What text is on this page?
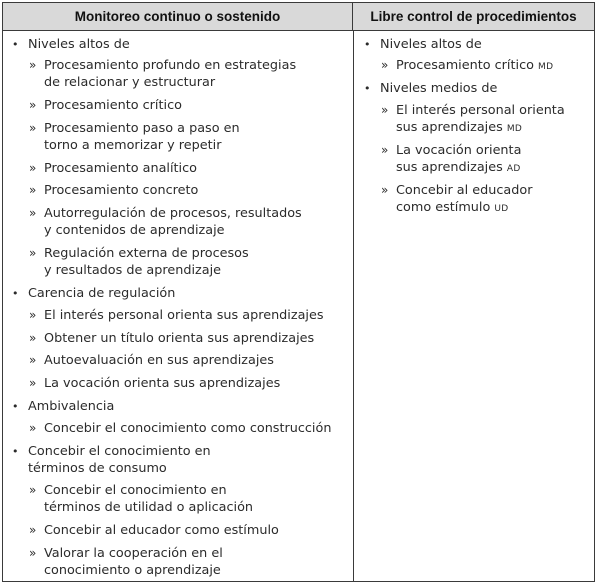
Monitoreo continuo o sostenido	Libre control de procedimientos
• Niveles altos de
» Procesamiento profundo en estrategias
de relacionar y estructurar
» Procesamiento crítico
» Procesamiento paso a paso en
torno a memorizar y repetir
» Procesamiento analítico
» Procesamiento concreto
» Autorregulación de procesos, resultados
y contenidos de aprendizaje
» Regulación externa de procesos
y resultados de aprendizaje
• Carencia de regulación
» El interés personal orienta sus aprendizajes
» Obtener un título orienta sus aprendizajes
» Autoevaluación en sus aprendizajes
» La vocación orienta sus aprendizajes
• Ambivalencia
» Concebir el conocimiento como construcción
• Concebir el conocimiento en
términos de consumo
» Concebir el conocimiento en
términos de utilidad o aplicación
» Concebir al educador como estímulo
» Valorar la cooperación en el
conocimiento o aprendizaje
• Niveles altos de
» Procesamiento crítico MD
• Niveles medios de
» El interés personal orienta
sus aprendizajes MD
» La vocación orienta
sus aprendizajes AD
» Concebir al educador
como estímulo UD
